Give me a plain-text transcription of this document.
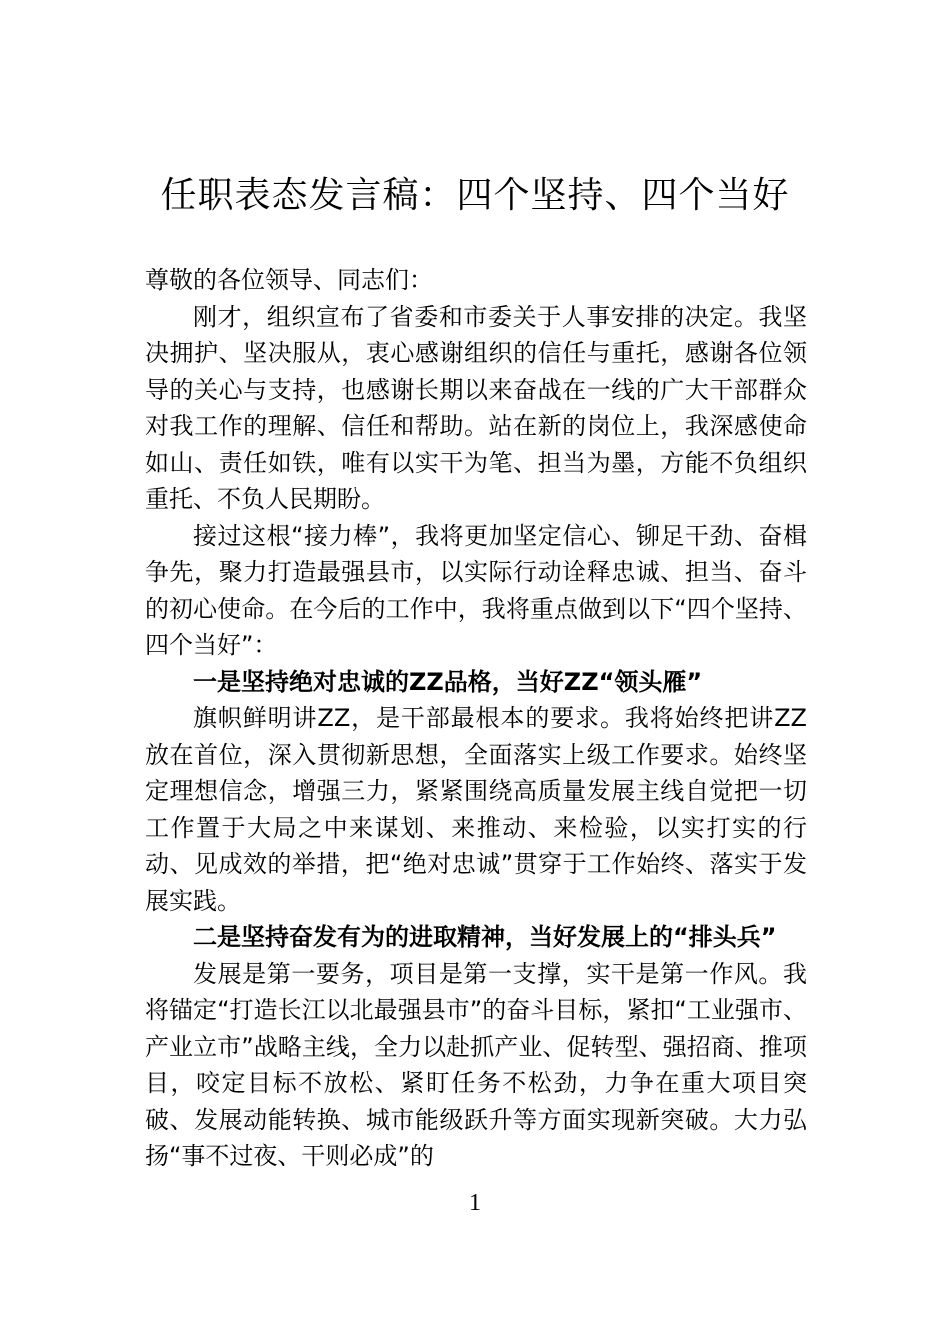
任职表态发言稿：四个坚持、四个当好

尊敬的各位领导、同志们：

刚才，组织宣布了省委和市委关于人事安排的决定。我坚决拥护、坚决服从，衷心感谢组织的信任与重托，感谢各位领导的关心与支持，也感谢长期以来奋战在一线的广大干部群众对我工作的理解、信任和帮助。站在新的岗位上，我深感使命如山、责任如铁，唯有以实干为笔、担当为墨，方能不负组织重托、不负人民期盼。

接过这根“接力棒”，我将更加坚定信心、铆足干劲、奋楫争先，聚力打造最强县市，以实际行动诠释忠诚、担当、奋斗的初心使命。在今后的工作中，我将重点做到以下“四个坚持、四个当好”：

一是坚持绝对忠诚的ZZ品格，当好ZZ“领头雁”

旗帜鲜明讲ZZ，是干部最根本的要求。我将始终把讲ZZ放在首位，深入贯彻新思想，全面落实上级工作要求。始终坚定理想信念，增强三力，紧紧围绕高质量发展主线自觉把一切工作置于大局之中来谋划、来推动、来检验，以实打实的行动、见成效的举措，把“绝对忠诚”贯穿于工作始终、落实于发展实践。

二是坚持奋发有为的进取精神，当好发展上的“排头兵”

发展是第一要务，项目是第一支撑，实干是第一作风。我将锚定“打造长江以北最强县市”的奋斗目标，紧扣“工业强市、产业立市”战略主线，全力以赴抓产业、促转型、强招商、推项目，咬定目标不放松、紧盯任务不松劲，力争在重大项目突破、发展动能转换、城市能级跃升等方面实现新突破。大力弘扬“事不过夜、干则必成”的

1
